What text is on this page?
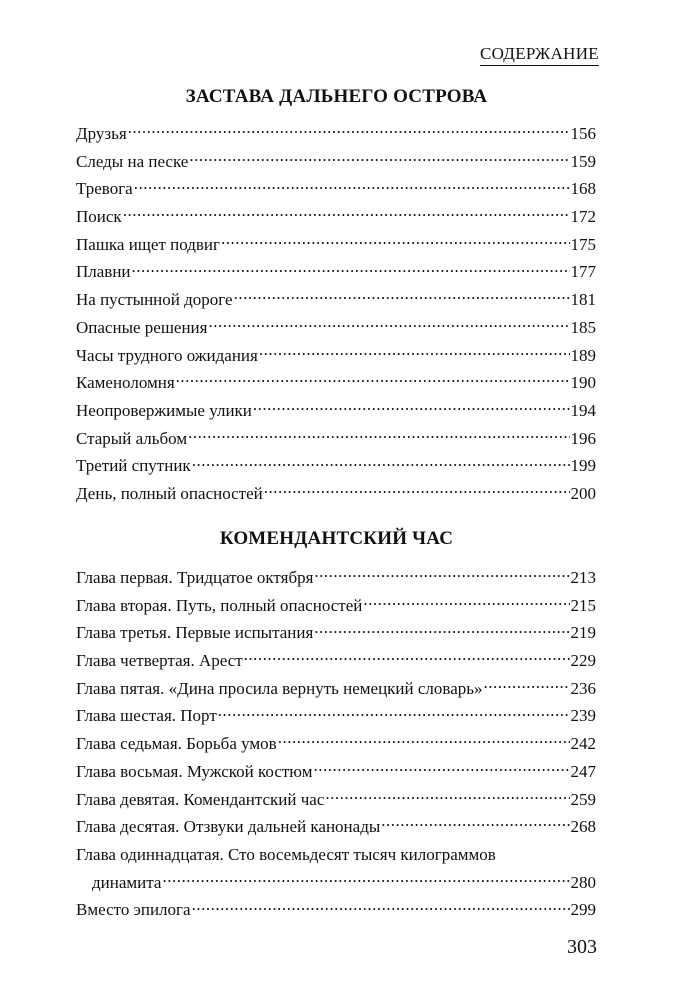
СОДЕРЖАНИЕ
ЗАСТАВА ДАЛЬНЕГО ОСТРОВА
Друзья .....	156
Следы на песке .....	159
Тревога .....	168
Поиск .....	172
Пашка ищет подвиг .....	175
Плавни .....	177
На пустынной дороге .....	181
Опасные решения .....	185
Часы трудного ожидания .....	189
Каменоломня .....	190
Неопровержимые улики .....	194
Старый альбом .....	196
Третий спутник .....	199
День, полный опасностей .....	200
КОМЕНДАНТСКИЙ ЧАС
Глава первая. Тридцатое октября .....	213
Глава вторая. Путь, полный опасностей .....	215
Глава третья. Первые испытания .....	219
Глава четвертая. Арест .....	229
Глава пятая. «Дина просила вернуть немецкий словарь» .....	236
Глава шестая. Порт .....	239
Глава седьмая. Борьба умов .....	242
Глава восьмая. Мужской костюм .....	247
Глава девятая. Комендантский час .....	259
Глава десятая. Отзвуки дальней канонады .....	268
Глава одиннадцатая. Сто восемьдесят тысяч килограммов
динамита .....	280
Вместо эпилога .....	299
303
